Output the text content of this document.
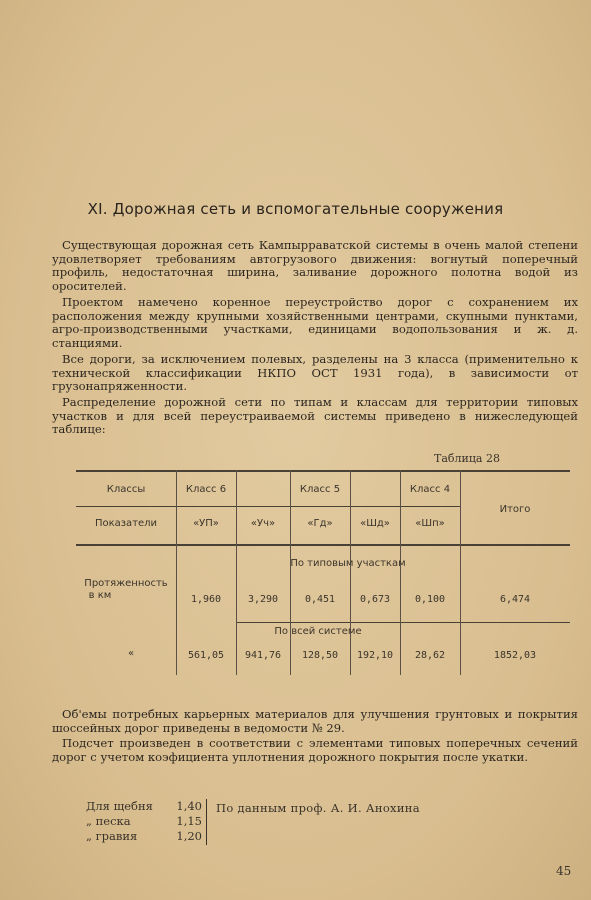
XI. Дорожная сеть и вспомогательные сооружения
Существующая дорожная сеть Кампырраватской системы в очень малой степени удовлетворяет требованиям автогрузового движения: вогнутый поперечный профиль, недостаточная ширина, заливание дорожного полотна водой из оросителей.
Проектом намечено коренное переустройство дорог с сохранением их расположения между крупными хозяйственными центрами, скупными пунктами, агро-производственными участками, единицами водопользования и ж. д. станциями.
Все дороги, за исключением полевых, разделены на 3 класса (применительно к технической классификации НКПО ОСТ 1931 года), в зависимости от грузонапряженности.
Распределение дорожной сети по типам и классам для территории типовых участков и для всей переустраиваемой системы приведено в нижеследующей таблице:
Таблица 28
Классы	Класс 6	Класс 5	Класс 4
Итого
Показатели	«УП»	«Уч»	«Гд»	«Шд»	«Шп»
По типовым участкам
Протяженность
в км	1,960	3,290	0,451	0,673	0,100	6,474
По всей системе
«	561,05	941,76	128,50	192,10	28,62	1852,03
Об'емы потребных карьерных материалов для улучшения грунтовых и покрытия шоссейных дорог приведены в ведомости № 29.
Подсчет произведен в соответствии с элементами типовых поперечных сечений дорог с учетом коэфициента уплотнения дорожного покрытия после укатки.
Для щебня	1,40
„ песка	1,15
„ гравия	1,20
По данным проф. А. И. Анохина
45
